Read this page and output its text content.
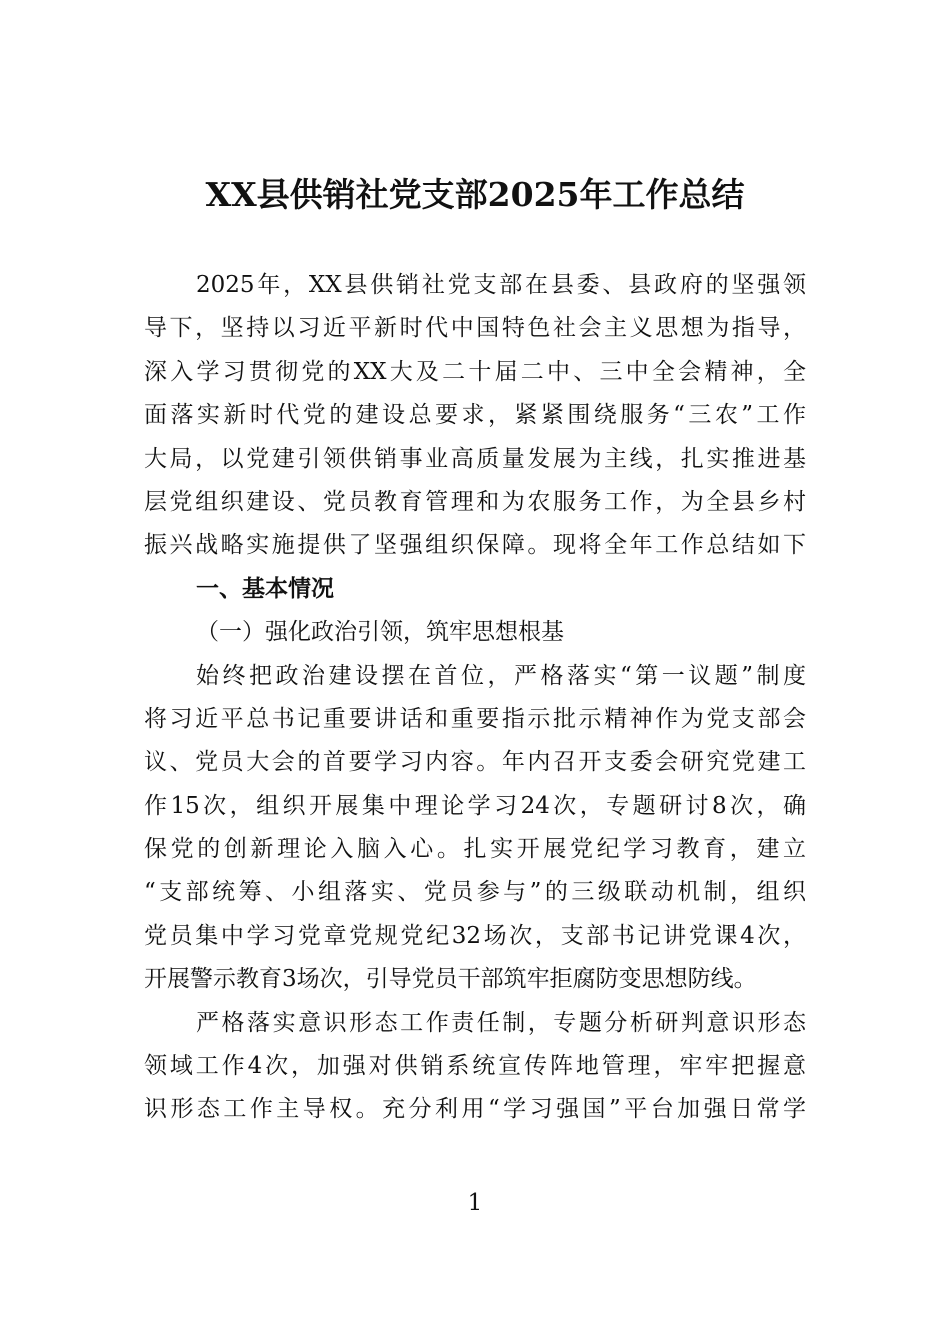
XX县供销社党支部2025年工作总结
2025年，XX县供销社党支部在县委、县政府的坚强领
导下，坚持以习近平新时代中国特色社会主义思想为指导，
深入学习贯彻党的XX大及二十届二中、三中全会精神，全
面落实新时代党的建设总要求，紧紧围绕服务“三农”工作
大局，以党建引领供销事业高质量发展为主线，扎实推进基
层党组织建设、党员教育管理和为农服务工作，为全县乡村
振兴战略实施提供了坚强组织保障。现将全年工作总结如下
一、基本情况
（一）强化政治引领，筑牢思想根基
始终把政治建设摆在首位，严格落实“第一议题”制度
将习近平总书记重要讲话和重要指示批示精神作为党支部会
议、党员大会的首要学习内容。年内召开支委会研究党建工
作15次，组织开展集中理论学习24次，专题研讨8次，确
保党的创新理论入脑入心。扎实开展党纪学习教育，建立
“支部统筹、小组落实、党员参与”的三级联动机制，组织
党员集中学习党章党规党纪32场次，支部书记讲党课4次，
开展警示教育3场次，引导党员干部筑牢拒腐防变思想防线。
严格落实意识形态工作责任制，专题分析研判意识形态
领域工作4次，加强对供销系统宣传阵地管理，牢牢把握意
识形态工作主导权。充分利用“学习强国”平台加强日常学
1
